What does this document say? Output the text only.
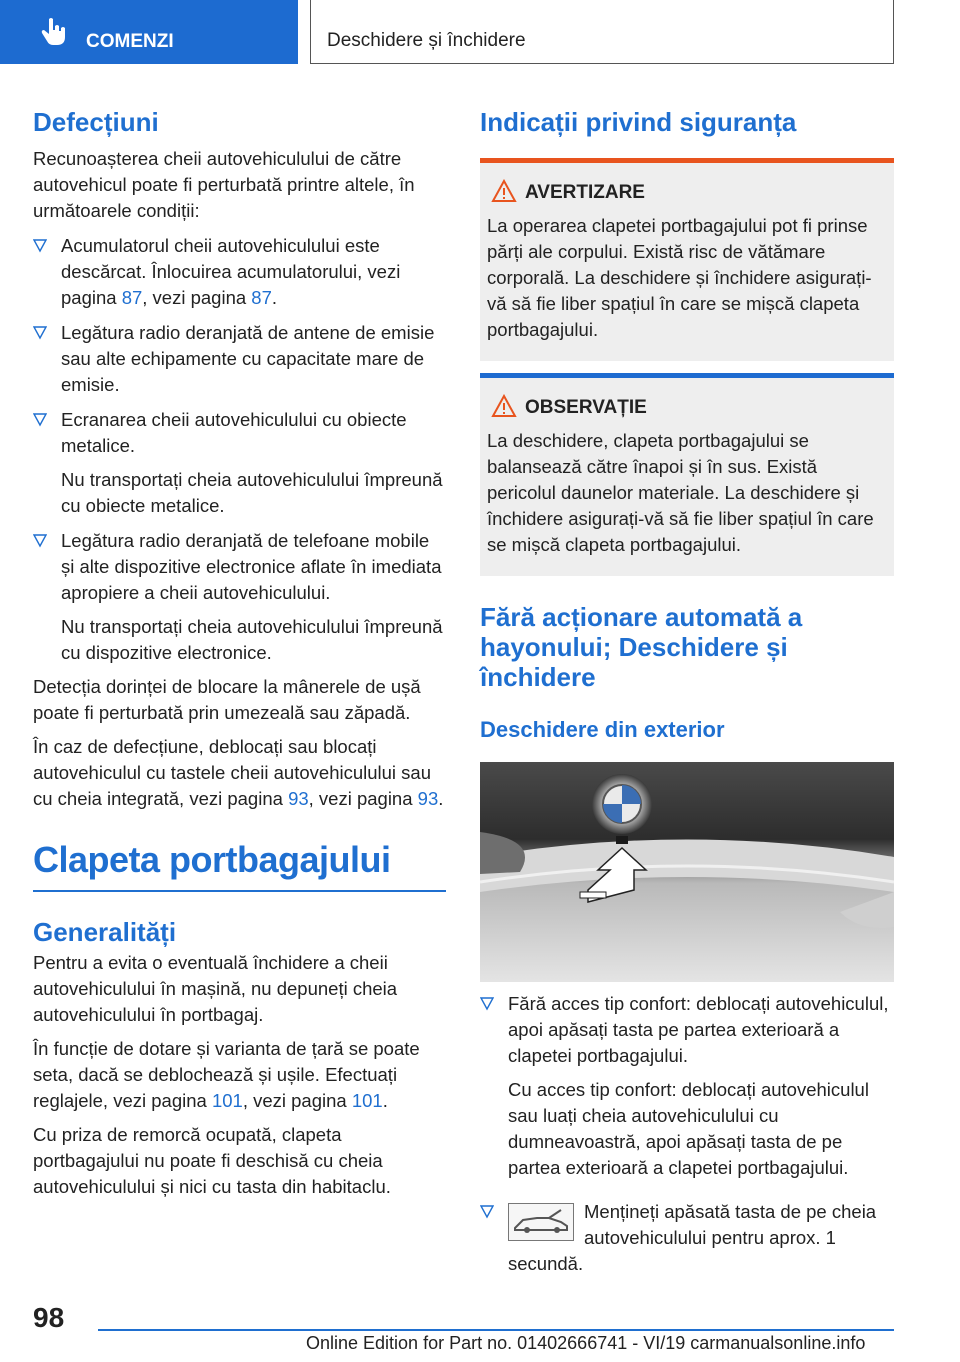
COMENZI	Deschidere și închidere
Defecțiuni

Recunoașterea cheii autovehiculului de către autovehicul poate fi perturbată printre altele, în următoarele condiții:

Acumulatorul cheii autovehiculului este descărcat. Înlocuirea acumulatorului, vezi pagina 87, vezi pagina 87.

Legătura radio deranjată de antene de emisie sau alte echipamente cu capacitate mare de emisie.

Ecranarea cheii autovehiculului cu obiecte metalice.

Nu transportați cheia autovehiculului împreună cu obiecte metalice.

Legătura radio deranjată de telefoane mobile și alte dispozitive electronice aflate în imediata apropiere a cheii autovehiculului.

Nu transportați cheia autovehiculului împreună cu dispozitive electronice.

Detecția dorinței de blocare la mânerele de ușă poate fi perturbată prin umezeală sau zăpadă.

În caz de defecțiune, deblocați sau blocați autovehiculul cu tastele cheii autovehiculului sau cu cheia integrată, vezi pagina 93, vezi pagina 93.

Clapeta portbagajului
Generalități

Pentru a evita o eventuală închidere a cheii autovehiculului în mașină, nu depuneți cheia autovehiculului în portbagaj.

În funcție de dotare și varianta de țară se poate seta, dacă se deblochează și ușile. Efectuați reglajele, vezi pagina 101, vezi pagina 101.

Cu priza de remorcă ocupată, clapeta portbagajului nu poate fi deschisă cu cheia autovehiculului și nici cu tasta din habitaclu.

Indicații privind siguranța
AVERTIZARE

La operarea clapetei portbagajului pot fi prinse părți ale corpului. Există risc de vătămare corporală. La deschidere și închidere asigurați-vă să fie liber spațiul în care se mișcă clapeta portbagajului.

OBSERVAȚIE

La deschidere, clapeta portbagajului se balansează către înapoi și în sus. Există pericolul daunelor materiale. La deschidere și închidere asigurați-vă să fie liber spațiul în care se mișcă clapeta portbagajului.

Fără acționare automată a hayonului; Deschidere și închidere
Deschidere din exterior

Fără acces tip confort: deblocați autovehiculul, apoi apăsați tasta pe partea exterioară a clapetei portbagajului.

Cu acces tip confort: deblocați autovehiculul sau luați cheia autovehiculului cu dumneavoastră, apoi apăsați tasta de pe partea exterioară a clapetei portbagajului.

Mențineți apăsată tasta de pe cheia autovehiculului pentru aprox. 1 secundă.

98
Online Edition for Part no. 01402666741 - VI/19 carmanualsonline.info
